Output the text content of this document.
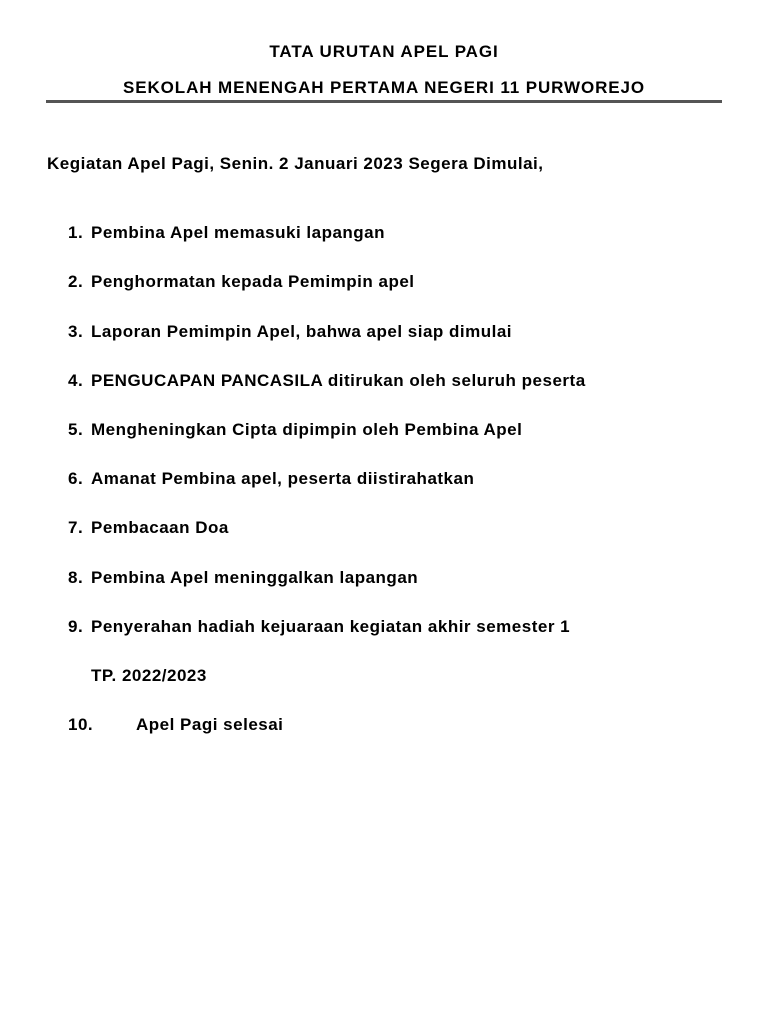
TATA URUTAN APEL PAGI
SEKOLAH MENENGAH PERTAMA NEGERI 11 PURWOREJO
Kegiatan Apel Pagi, Senin. 2 Januari 2023 Segera Dimulai,
1. Pembina Apel memasuki lapangan
2. Penghormatan kepada Pemimpin apel
3. Laporan Pemimpin Apel, bahwa apel siap dimulai
4. PENGUCAPAN PANCASILA ditirukan oleh seluruh peserta
5. Mengheningkan Cipta dipimpin oleh Pembina Apel
6. Amanat Pembina apel, peserta diistirahatkan
7. Pembacaan Doa
8. Pembina Apel meninggalkan lapangan
9. Penyerahan hadiah kejuaraan kegiatan akhir semester 1
TP. 2022/2023
10.	Apel Pagi selesai
